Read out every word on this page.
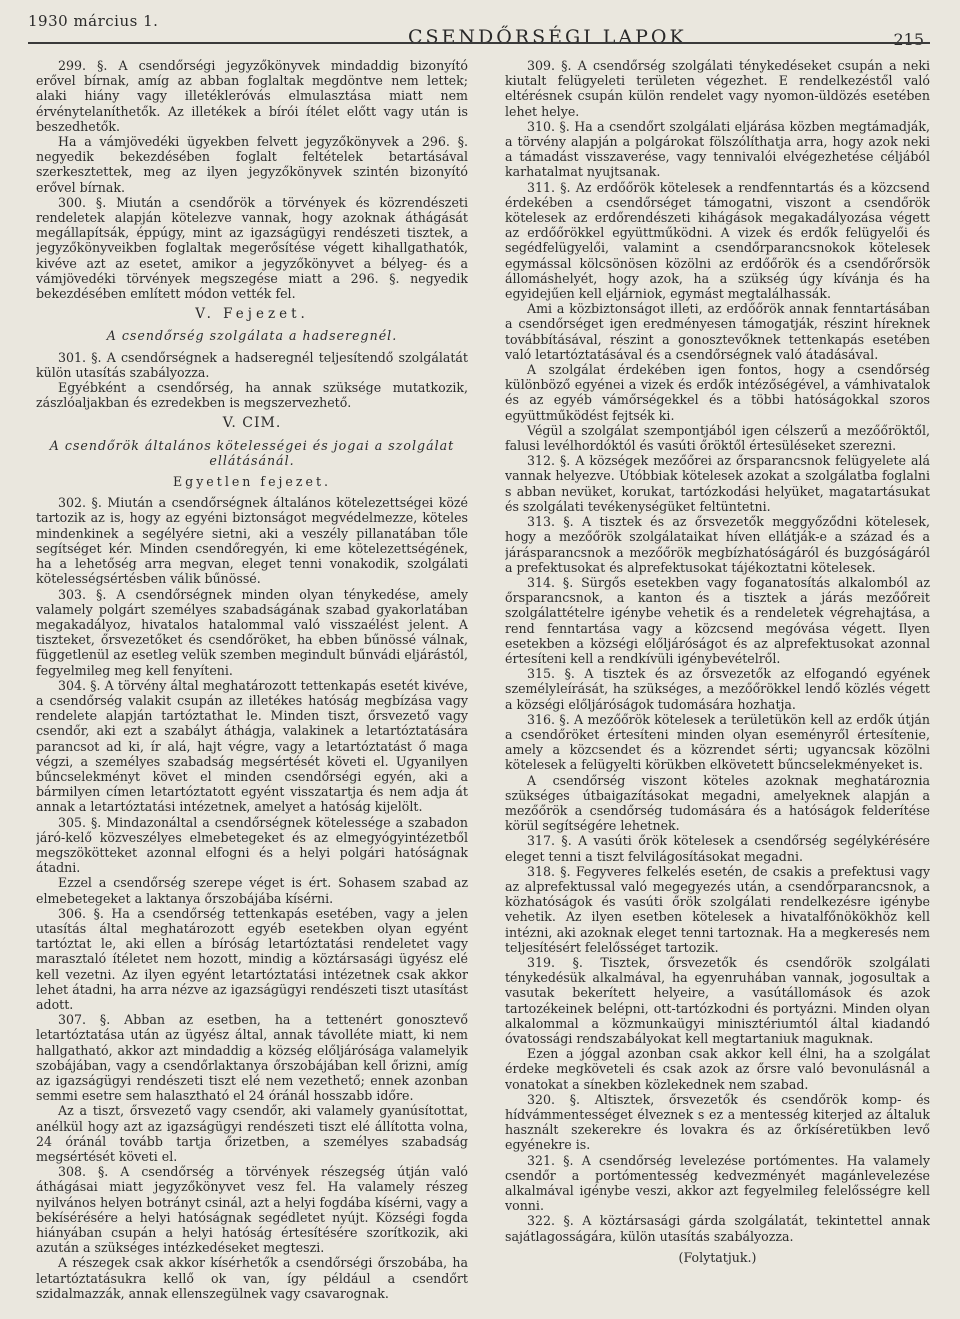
1930 március 1.
CSENDŐRSÉGI LAPOK	215

299. §. A csendőrségi jegyzőkönyvek mindaddig bizonyító erővel bírnak, amíg az abban foglaltak megdöntve nem lettek; alaki hiány vagy illetékleróvás elmulasztása miatt nem érvénytelaníthetők. Az illetékek a bírói ítélet előtt vagy után is beszedhetők.

Ha a vámjövedéki ügyekben felvett jegyzőkönyvek a 296. §. negyedik bekezdésében foglalt feltételek betartásával szerkesztettek, meg az ilyen jegyzőkönyvek szintén bizonyító erővel bírnak.

300. §. Miután a csendőrök a törvények és közrendészeti rendeletek alapján kötelezve vannak, hogy azoknak áthágását megállapítsák, éppúgy, mint az igazságügyi rendészeti tisztek, a jegyzőkönyveikben foglaltak megerősítése végett kihallgathatók, kivéve azt az esetet, amikor a jegyzőkönyvet a bélyeg- és a vámjövedéki törvények megszegése miatt a 296. §. negyedik bekezdésében említett módon vették fel.

V. Fejezet.

A csendőrség szolgálata a hadseregnél.

301. §. A csendőrségnek a hadseregnél teljesítendő szolgálatát külön utasítás szabályozza.

Egyébként a csendőrség, ha annak szüksége mutatkozik, zászlóaljakban és ezredekben is megszervezhető.

V. CIM.

A csendőrök általános kötelességei és jogai a szolgálat ellátásánál.

Egyetlen fejezet.

302. §. Miután a csendőrségnek általános kötelezettségei közé tartozik az is, hogy az egyéni biztonságot megvédelmezze, köteles mindenkinek a segélyére sietni, aki a veszély pillanatában tőle segítséget kér. Minden csendőregyén, ki eme kötelezettségének, ha a lehetőség arra megvan, eleget tenni vonakodik, szolgálati kötelességsértésben válik bűnössé.

303. §. A csendőrségnek minden olyan ténykedése, amely valamely polgárt személyes szabadságának szabad gyakorlatában megakadályoz, hivatalos hatalommal való visszaélést jelent. A tiszteket, őrsvezetőket és csendőröket, ha ebben bűnössé válnak, függetlenül az esetleg velük szemben megindult bűnvádi eljárástól, fegyelmileg meg kell fenyíteni.

304. §. A törvény által meghatározott tettenkapás esetét kivéve, a csendőrség valakit csupán az illetékes hatóság megbízása vagy rendelete alapján tartóztathat le. Minden tiszt, őrsvezető vagy csendőr, aki ezt a szabályt áthágja, valakinek a letartóztatására parancsot ad ki, ír alá, hajt végre, vagy a letartóztatást ő maga végzi, a személyes szabadság megsértését követi el. Ugyanilyen bűncselekményt követ el minden csendőrségi egyén, aki a bármilyen címen letartóztatott egyént visszatartja és nem adja át annak a letartóztatási intézetnek, amelyet a hatóság kijelölt.

305. §. Mindazonáltal a csendőrségnek kötelessége a szabadon járó-kelő közveszélyes elmebetegeket és az elmegyógyintézetből megszökötteket azonnal elfogni és a helyi polgári hatóságnak átadni.

Ezzel a csendőrség szerepe véget is ért. Sohasem szabad az elmebetegeket a laktanya őrszobájába kísérni.

306. §. Ha a csendőrség tettenkapás esetében, vagy a jelen utasítás által meghatározott egyéb esetekben olyan egyént tartóztat le, aki ellen a bíróság letartóztatási rendeletet vagy marasztaló ítéletet nem hozott, mindig a köztársasági ügyész elé kell vezetni. Az ilyen egyént letartóztatási intézetnek csak akkor lehet átadni, ha arra nézve az igazságügyi rendészeti tiszt utasítást adott.

307. §. Abban az esetben, ha a tettenért gonosztevő letartóztatása után az ügyész által, annak távolléte miatt, ki nem hallgatható, akkor azt mindaddig a község előljárósága valamelyik szobájában, vagy a csendőrlaktanya őrszobájában kell őrizni, amíg az igazságügyi rendészeti tiszt elé nem vezethető; ennek azonban semmi esetre sem halasztható el 24 óránál hosszabb időre.

Az a tiszt, őrsvezető vagy csendőr, aki valamely gyanúsítottat, anélkül hogy azt az igazságügyi rendészeti tiszt elé állította volna, 24 óránál tovább tartja őrizetben, a személyes szabadság megsértését követi el.

308. §. A csendőrség a törvények részegség útján való áthágásai miatt jegyzőkönyvet vesz fel. Ha valamely részeg nyilvános helyen botrányt csinál, azt a helyi fogdába kísérni, vagy a bekísérésére a helyi hatóságnak segédletet nyújt. Községi fogda hiányában csupán a helyi hatóság értesítésére szorítkozik, aki azután a szükséges intézkedéseket megteszi.

A részegek csak akkor kísérhetők a csendőrségi őrszobába, ha letartóztatásukra kellő ok van, így például a csendőrt szidalmazzák, annak ellenszegülnek vagy csavarognak.

309. §. A csendőrség szolgálati ténykedéseket csupán a neki kiutalt felügyeleti területen végezhet. E rendelkezéstől való eltérésnek csupán külön rendelet vagy nyomon-üldözés esetében lehet helye.

310. §. Ha a csendőrt szolgálati eljárása közben megtámadják, a törvény alapján a polgárokat fölszólíthatja arra, hogy azok neki a támadást visszaverése, vagy tennivalói elvégezhetése céljából karhatalmat nyujtsanak.

311. §. Az erdőőrök kötelesek a rendfenntartás és a közcsend érdekében a csendőrséget támogatni, viszont a csendőrök kötelesek az erdőrendészeti kihágások megakadályozása végett az erdőőrökkel együttműködni. A vizek és erdők felügyelői és segédfelügyelői, valamint a csendőrparancsnokok kötelesek egymással kölcsönösen közölni az erdőőrök és a csendőrőrsök állomáshelyét, hogy azok, ha a szükség úgy kívánja és ha egyidejűen kell eljárniok, egymást megtalálhassák.

Ami a közbiztonságot illeti, az erdőőrök annak fenntartásában a csendőrséget igen eredményesen támogatják, részint híreknek továbbításával, részint a gonosztevőknek tettenkapás esetében való letartóztatásával és a csendőrségnek való átadásával.

A szolgálat érdekében igen fontos, hogy a csendőrség különböző egyénei a vizek és erdők intézőségével, a vámhivatalok és az egyéb vámőrségekkel és a többi hatóságokkal szoros együttműködést fejtsék ki.

Végül a szolgálat szempontjából igen célszerű a mezőőröktől, falusi levélhordóktól és vasúti őröktől értesüléseket szerezni.

312. §. A községek mezőőrei az őrsparancsnok felügyelete alá vannak helyezve. Utóbbiak kötelesek azokat a szolgálatba foglalni s abban nevüket, korukat, tartózkodási helyüket, magatartásukat és szolgálati tevékenységüket feltüntetni.

313. §. A tisztek és az őrsvezetők meggyőződni kötelesek, hogy a mezőőrök szolgálataikat híven ellátják-e a század és a járásparancsnok a mezőőrök megbízhatóságáról és buzgóságáról a prefektusokat és alprefektusokat tájékoztatni kötelesek.

314. §. Sürgős esetekben vagy foganatosítás alkalomból az őrsparancsnok, a kanton és a tisztek a járás mezőőreit szolgálattételre igénybe vehetik és a rendeletek végrehajtása, a rend fenntartása vagy a közcsend megóvása végett. Ilyen esetekben a községi előljáróságot és az alprefektusokat azonnal értesíteni kell a rendkívüli igénybevételről.

315. §. A tisztek és az őrsvezetők az elfogandó egyének személyleírását, ha szükséges, a mezőőrökkel lendő közlés végett a községi előljáróságok tudomására hozhatja.

316. §. A mezőőrök kötelesek a területükön kell az erdők útján a csendőröket értesíteni minden olyan eseményről értesítenie, amely a közcsendet és a közrendet sérti; ugyancsak közölni kötelesek a felügyelti körükben elkövetett bűncselekményeket is.

A csendőrség viszont köteles azoknak meghatároznia szükséges útbaigazításokat megadni, amelyeknek alapján a mezőőrök a csendőrség tudomására és a hatóságok felderítése körül segítségére lehetnek.

317. §. A vasúti őrök kötelesek a csendőrség segélykérésére eleget tenni a tiszt felvilágosításokat megadni.

318. §. Fegyveres felkelés esetén, de csakis a prefektusi vagy az alprefektussal való megegyezés után, a csendőrparancsnok, a közhatóságok és vasúti őrök szolgálati rendelkezésre igénybe vehetik. Az ilyen esetben kötelesek a hivatalfőnökökhöz kell intézni, aki azoknak eleget tenni tartoznak. Ha a megkeresés nem teljesítésért felelősséget tartozik.

319. §. Tisztek, őrsvezetők és csendőrök szolgálati ténykedésük alkalmával, ha egyenruhában vannak, jogosultak a vasutak bekerített helyeire, a vasútállomások és azok tartozékeinek belépni, ott-tartózkodni és portyázni. Minden olyan alkalommal a közmunkaügyi minisztériumtól által kiadandó óvatossági rendszabályokat kell megtartaniuk maguknak.

Ezen a jóggal azonban csak akkor kell élni, ha a szolgálat érdeke megköveteli és csak azok az őrsre való bevonulásnál a vonatokat a sínekben közlekednek nem szabad.

320. §. Altisztek, őrsvezetők és csendőrök komp- és hídvámmentességet élveznek s ez a mentesség kiterjed az általuk használt szekerekre és lovakra és az őrkíséretükben levő egyénekre is.

321. §. A csendőrség levelezése portómentes. Ha valamely csendőr a portómentesség kedvezményét magánlevelezése alkalmával igénybe veszi, akkor azt fegyelmileg felelősségre kell vonni.

322. §. A köztársasági gárda szolgálatát, tekintettel annak sajátlagosságára, külön utasítás szabályozza.

(Folytatjuk.)
